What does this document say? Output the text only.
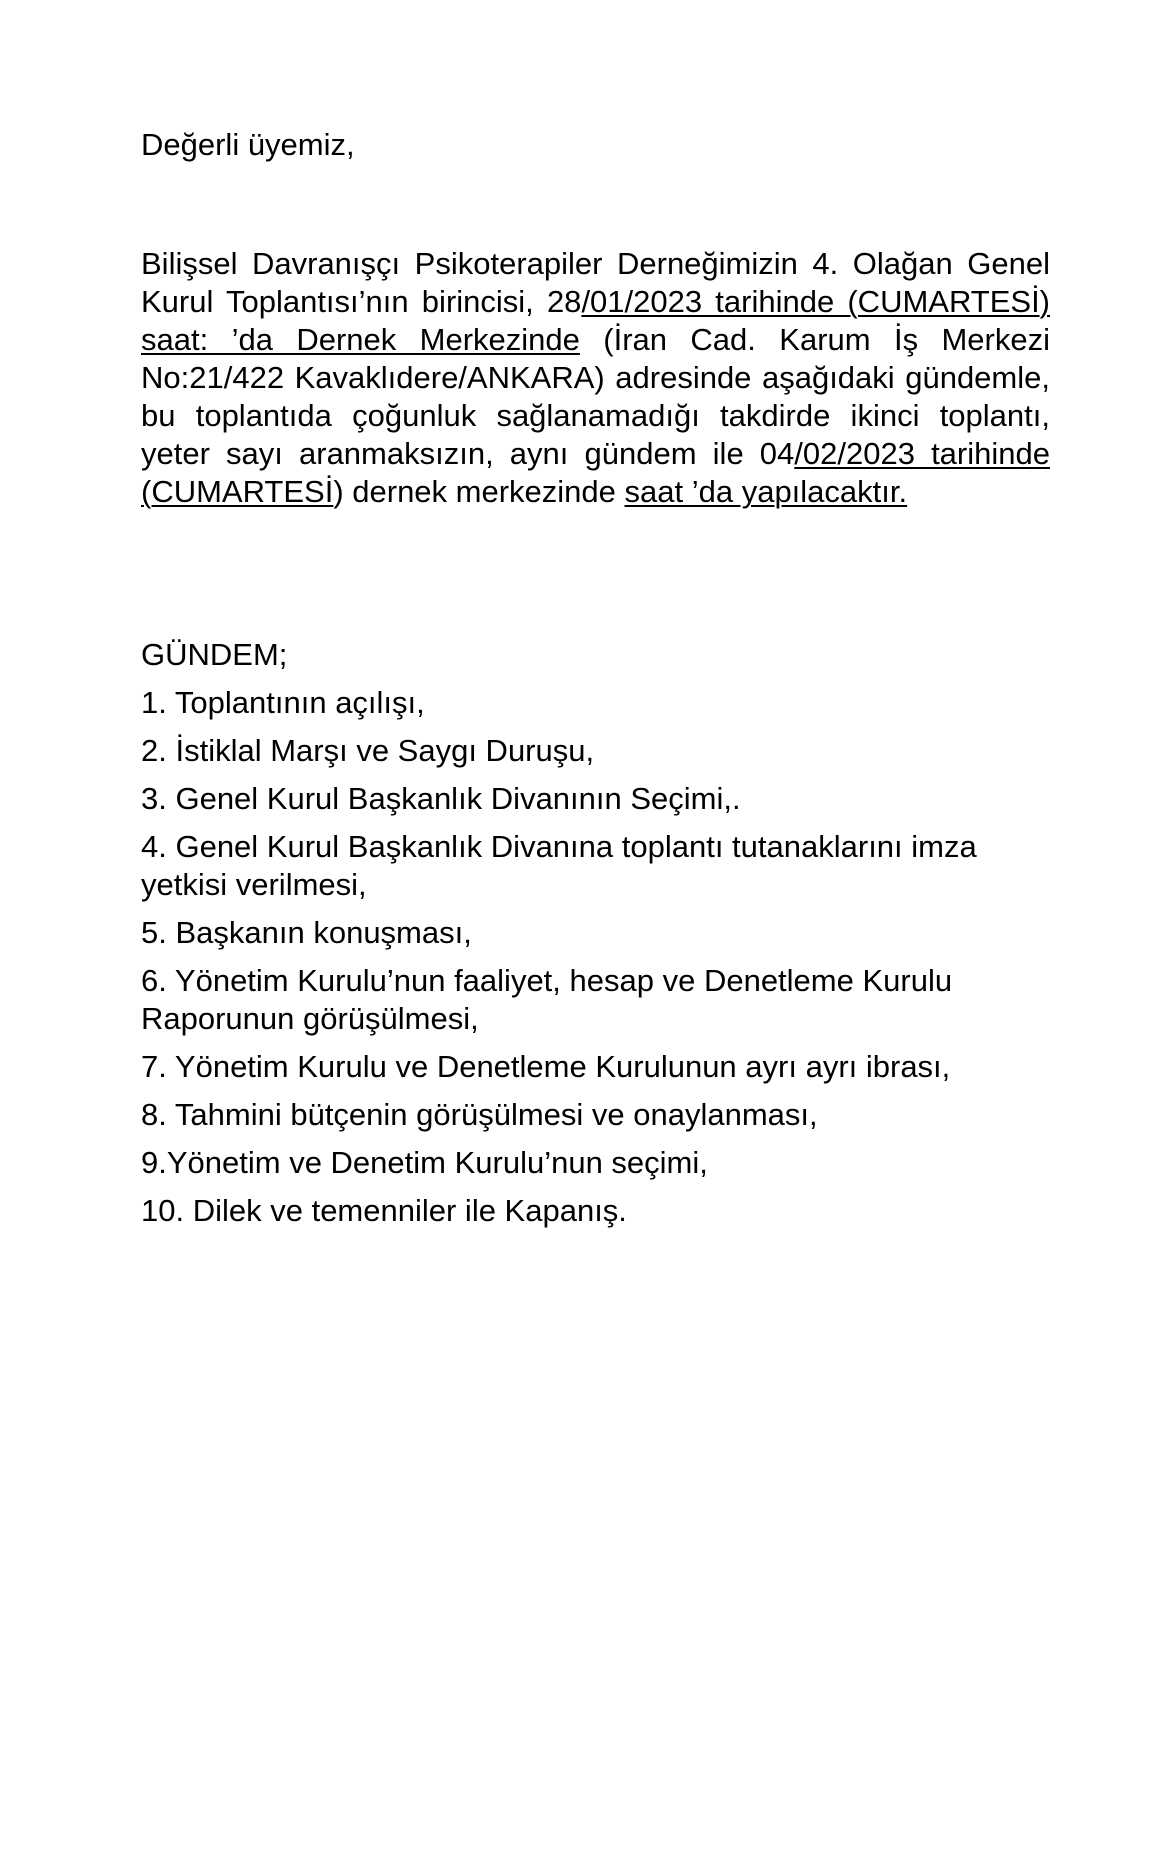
Değerli üyemiz,

Bilişsel Davranışçı Psikoterapiler Derneğimizin 4. Olağan Genel Kurul Toplantısı’nın birincisi, 28/01/2023 tarihinde (CUMARTESİ) saat: ’da Dernek Merkezinde (İran Cad. Karum İş Merkezi No:21/422 Kavaklıdere/ANKARA) adresinde aşağıdaki gündemle, bu toplantıda çoğunluk sağlanamadığı takdirde ikinci toplantı, yeter sayı aranmaksızın, aynı gündem ile 04/02/2023 tarihinde (CUMARTESİ) dernek merkezinde saat ’da yapılacaktır.

GÜNDEM;

1. Toplantının açılışı,
2. İstiklal Marşı ve Saygı Duruşu,
3. Genel Kurul Başkanlık Divanının Seçimi,.
4. Genel Kurul Başkanlık Divanına toplantı tutanaklarını imza yetkisi verilmesi,
5. Başkanın konuşması,
6. Yönetim Kurulu’nun faaliyet, hesap ve Denetleme Kurulu Raporunun görüşülmesi,
7. Yönetim Kurulu ve Denetleme Kurulunun ayrı ayrı ibrası,
8. Tahmini bütçenin görüşülmesi ve onaylanması,
9.Yönetim ve Denetim Kurulu’nun seçimi,
10. Dilek ve temenniler ile Kapanış.
